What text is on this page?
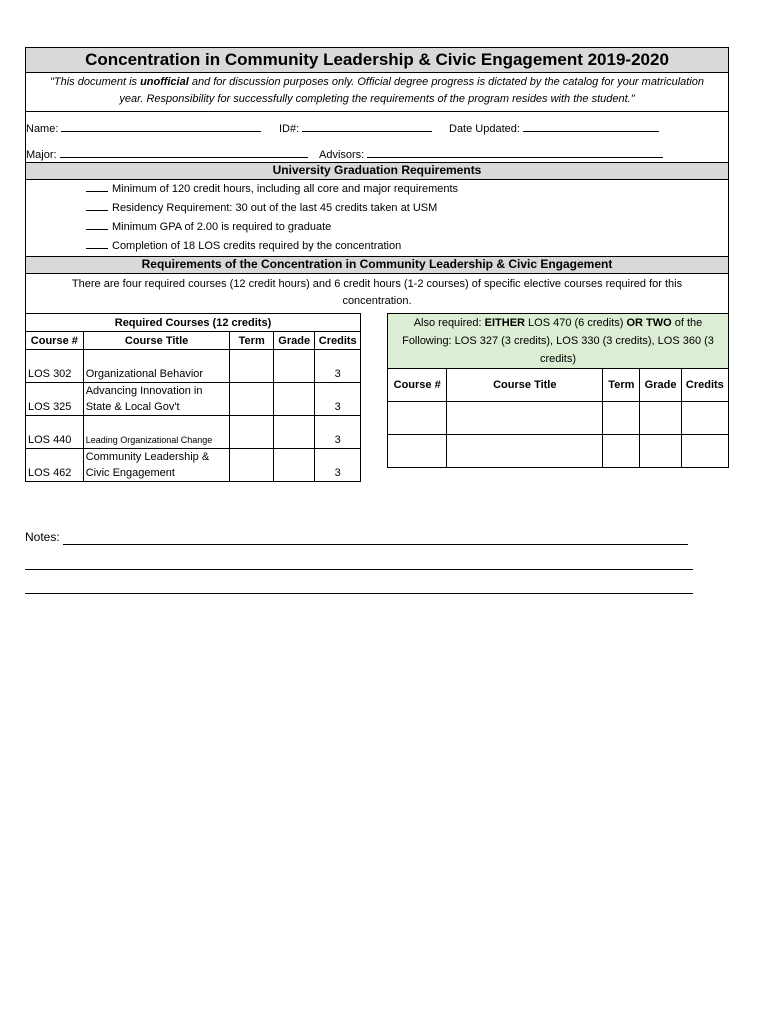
Concentration in Community Leadership & Civic Engagement 2019-2020
"This document is unofficial and for discussion purposes only. Official degree progress is dictated by the catalog for your matriculation year. Responsibility for successfully completing the requirements of the program resides with the student."
Name:	ID#:	Date Updated:
Major:	Advisors:
University Graduation Requirements
Minimum of 120 credit hours, including all core and major requirements
Residency Requirement: 30 out of the last 45 credits taken at USM
Minimum GPA of 2.00 is required to graduate
Completion of 18 LOS credits required by the concentration
Requirements of the Concentration in Community Leadership & Civic Engagement
There are four required courses (12 credit hours) and 6 credit hours (1-2 courses) of specific elective courses required for this concentration.
Required Courses (12 credits)				
Course #	Course Title	Term	Grade	Credits
LOS 302	Organizational Behavior			3
LOS 325	Advancing Innovation in State & Local Gov't			3
LOS 440	Leading Organizational Change			3
LOS 462	Community Leadership & Civic Engagement			3
Also required: EITHER LOS 470 (6 credits) OR TWO of the Following: LOS 327 (3 credits), LOS 330 (3 credits), LOS 360 (3 credits)
Course #	Course Title	Term	Grade	Credits

Notes:
